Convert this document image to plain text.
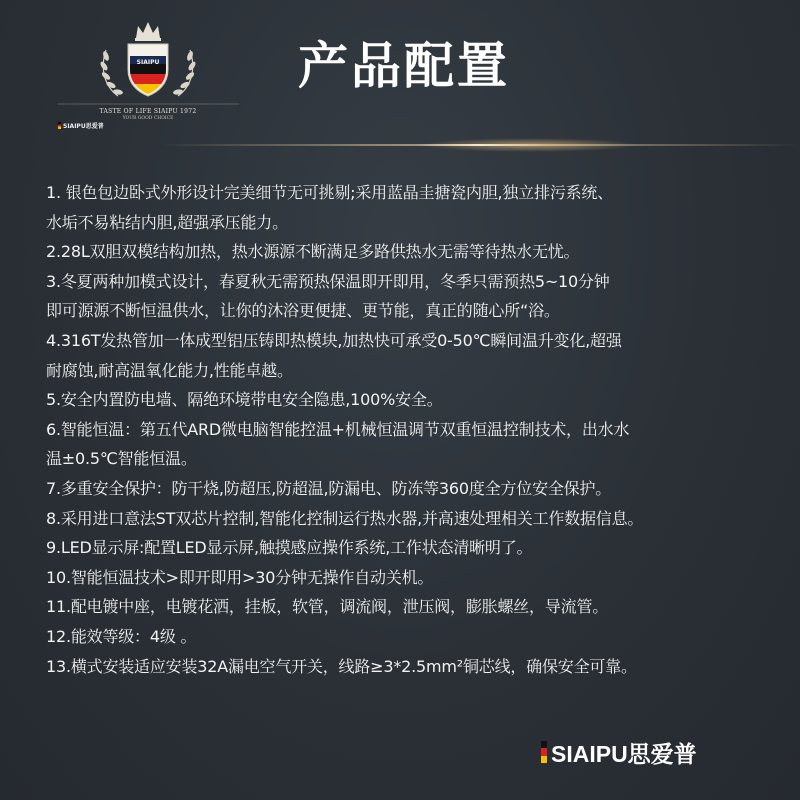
SIAIPU
TASTE OF LIFE SIAIPU 1972
YOUR GOOD CHOICE
SIAIPU思爱普
产品配置
1. 银色包边卧式外形设计完美细节无可挑剔;采用蓝晶圭搪瓷内胆,独立排污系统、
水垢不易粘结内胆,超强承压能力。
2.28L双胆双模结构加热，热水源源不断满足多路供热水无需等待热水无忧。
3.冬夏两种加模式设计，春夏秋无需预热保温即开即用，冬季只需预热5~10分钟
即可源源不断恒温供水，让你的沐浴更便捷、更节能，真正的随心所“浴。
4.316T发热管加一体成型铝压铸即热模块,加热快可承受0-50℃瞬间温升变化,超强
耐腐蚀,耐高温氧化能力,性能卓越。
5.安全内置防电墙、隔绝环境带电安全隐患,100%安全。
6.智能恒温：第五代ARD微电脑智能控温+机械恒温调节双重恒温控制技术，出水水
温±0.5℃智能恒温。
7.多重安全保护：防干烧,防超压,防超温,防漏电、防冻等360度全方位安全保护。
8.采用进口意法ST双芯片控制,智能化控制运行热水器,并高速处理相关工作数据信息。
9.LED显示屏:配置LED显示屏,触摸感应操作系统,工作状态清晰明了。
10.智能恒温技术>即开即用>30分钟无操作自动关机。
11.配电镀中座，电镀花洒，挂板，软管，调流阀，泄压阀，膨胀螺丝，导流管。
12.能效等级：4级 。
13.横式安装适应安装32A漏电空气开关，线路≥3*2.5mm²铜芯线，确保安全可靠。
SIAIPU思爱普
